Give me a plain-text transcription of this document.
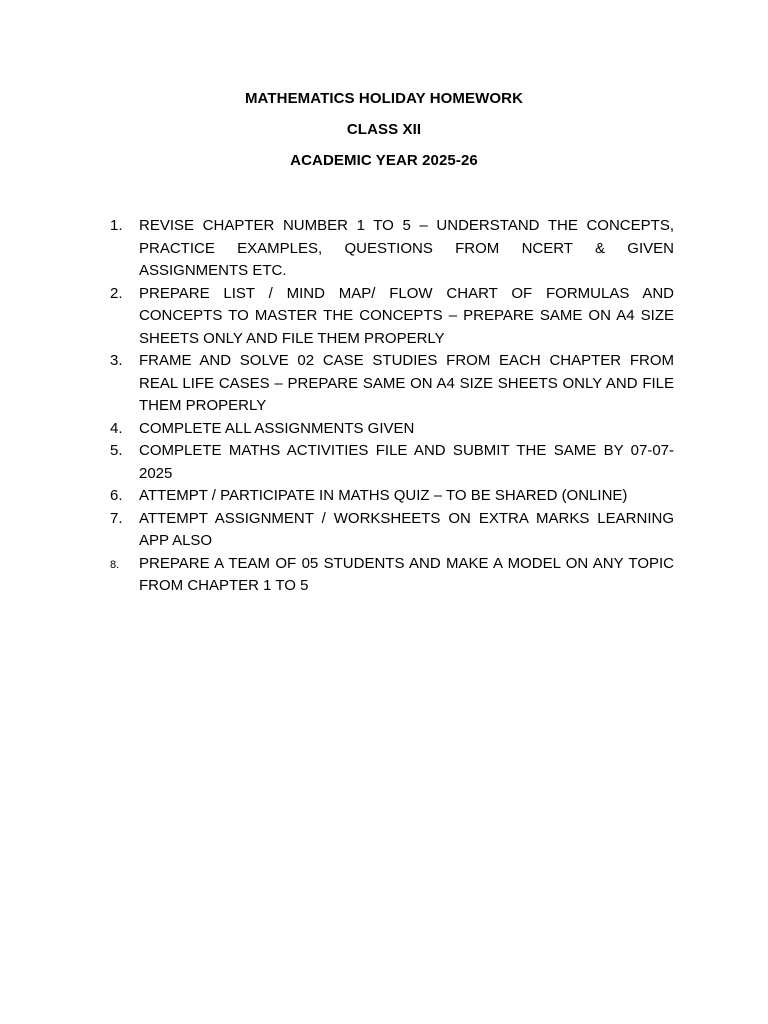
MATHEMATICS HOLIDAY HOMEWORK
CLASS XII
ACADEMIC YEAR 2025-26
1.	REVISE CHAPTER NUMBER 1 TO 5 – UNDERSTAND THE CONCEPTS, PRACTICE EXAMPLES, QUESTIONS FROM NCERT & GIVEN ASSIGNMENTS ETC.
2.	PREPARE LIST / MIND MAP/ FLOW CHART OF FORMULAS AND CONCEPTS TO MASTER THE CONCEPTS – PREPARE SAME ON A4 SIZE SHEETS ONLY AND FILE THEM PROPERLY
3.	FRAME AND SOLVE 02 CASE STUDIES FROM EACH CHAPTER FROM REAL LIFE CASES – PREPARE SAME ON A4 SIZE SHEETS ONLY AND FILE THEM PROPERLY
4.	COMPLETE ALL ASSIGNMENTS GIVEN
5.	COMPLETE MATHS ACTIVITIES FILE AND SUBMIT THE SAME BY 07-07-2025
6.	ATTEMPT / PARTICIPATE IN MATHS QUIZ – TO BE SHARED (ONLINE)
7.	ATTEMPT ASSIGNMENT / WORKSHEETS ON EXTRA MARKS LEARNING APP ALSO
8.	PREPARE A TEAM OF 05 STUDENTS AND MAKE A MODEL ON ANY TOPIC FROM CHAPTER 1 TO 5
